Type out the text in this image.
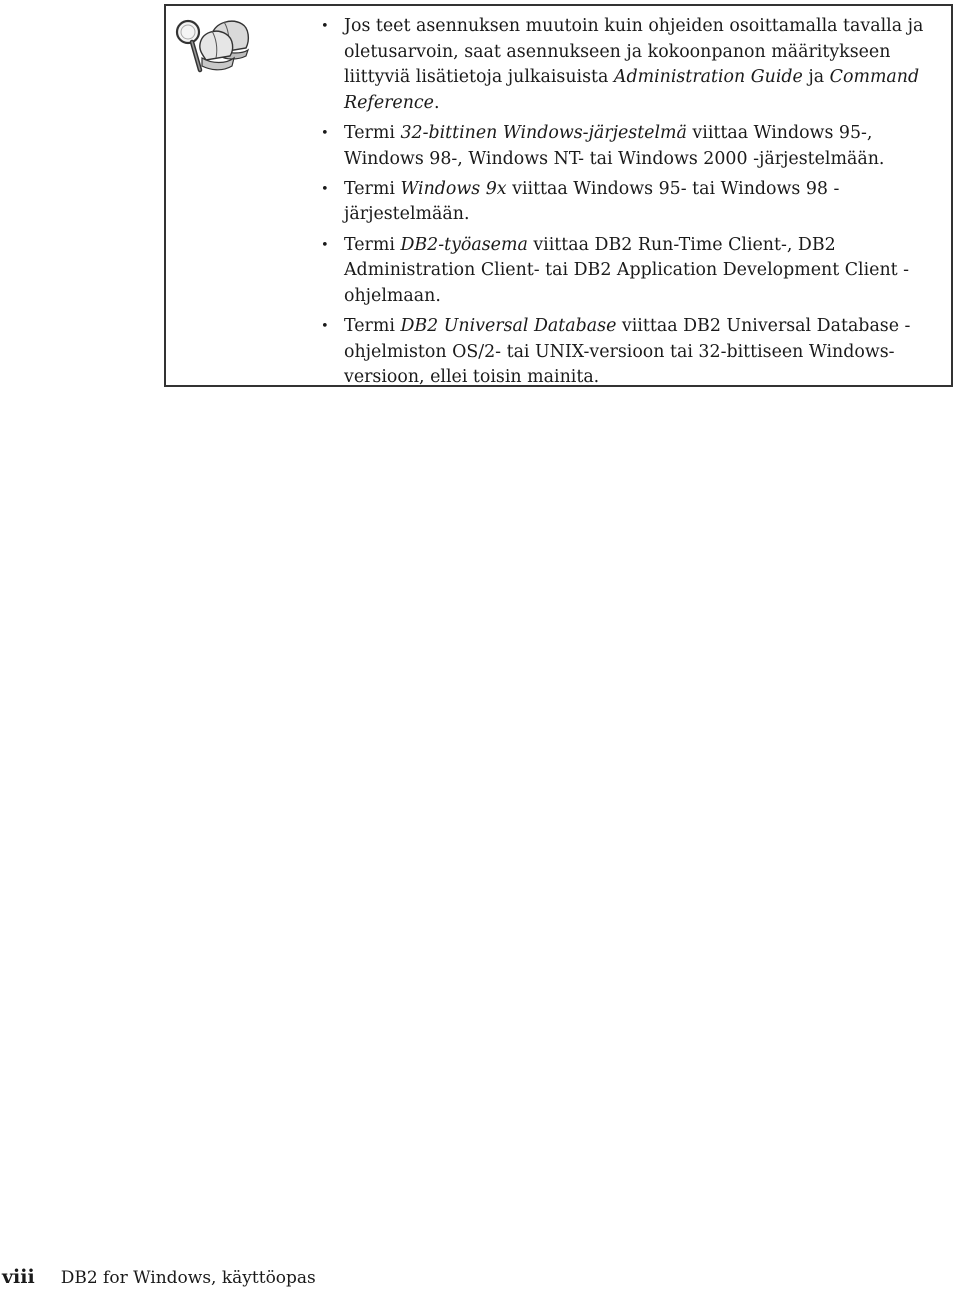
• Jos teet asennuksen muutoin kuin ohjeiden osoittamalla tavalla ja oletusarvoin, saat asennukseen ja kokoonpanon määritykseen liittyviä lisätietoja julkaisuista Administration Guide ja Command Reference.
• Termi 32-bittinen Windows-järjestelmä viittaa Windows 95-, Windows 98-, Windows NT- tai Windows 2000 -järjestelmään.
• Termi Windows 9x viittaa Windows 95- tai Windows 98 -järjestelmään.
• Termi DB2-työasema viittaa DB2 Run-Time Client-, DB2 Administration Client- tai DB2 Application Development Client -ohjelmaan.
• Termi DB2 Universal Database viittaa DB2 Universal Database -ohjelmiston OS/2- tai UNIX-versioon tai 32-bittiseen Windows-versioon, ellei toisin mainita.
viii DB2 for Windows, käyttöopas
